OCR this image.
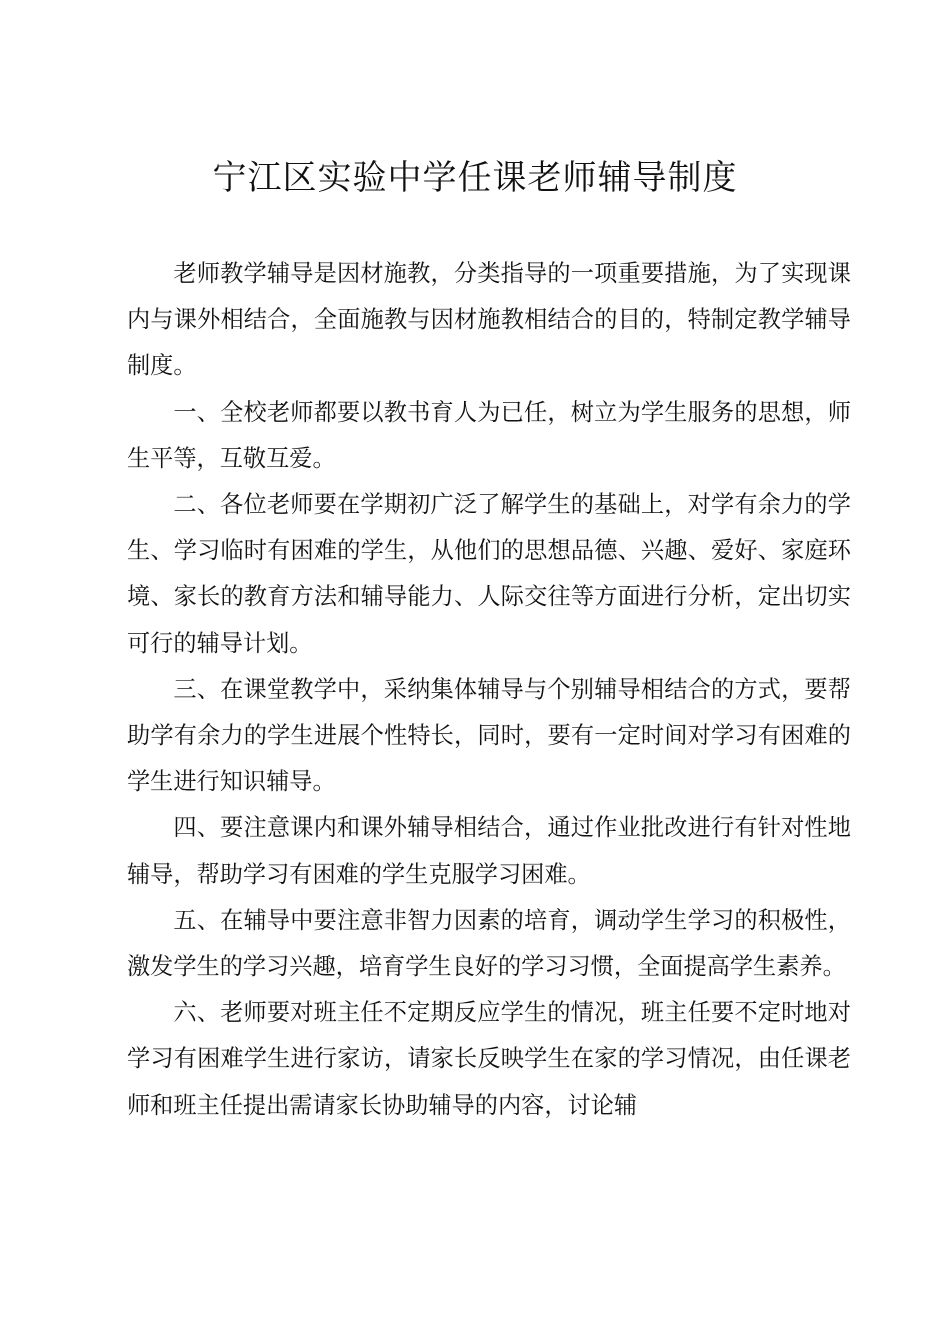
宁江区实验中学任课老师辅导制度

老师教学辅导是因材施教，分类指导的一项重要措施，为了实现课内与课外相结合，全面施教与因材施教相结合的目的，特制定教学辅导制度。

一、全校老师都要以教书育人为已任，树立为学生服务的思想，师生平等，互敬互爱。

二、各位老师要在学期初广泛了解学生的基础上，对学有余力的学生、学习临时有困难的学生，从他们的思想品德、兴趣、爱好、家庭环境、家长的教育方法和辅导能力、人际交往等方面进行分析，定出切实可行的辅导计划。

三、在课堂教学中，采纳集体辅导与个别辅导相结合的方式，要帮助学有余力的学生进展个性特长，同时，要有一定时间对学习有困难的学生进行知识辅导。

四、要注意课内和课外辅导相结合，通过作业批改进行有针对性地辅导，帮助学习有困难的学生克服学习困难。

五、在辅导中要注意非智力因素的培育，调动学生学习的积极性，激发学生的学习兴趣，培育学生良好的学习习惯，全面提高学生素养。

六、老师要对班主任不定期反应学生的情况，班主任要不定时地对学习有困难学生进行家访，请家长反映学生在家的学习情况，由任课老师和班主任提出需请家长协助辅导的内容，讨论辅
